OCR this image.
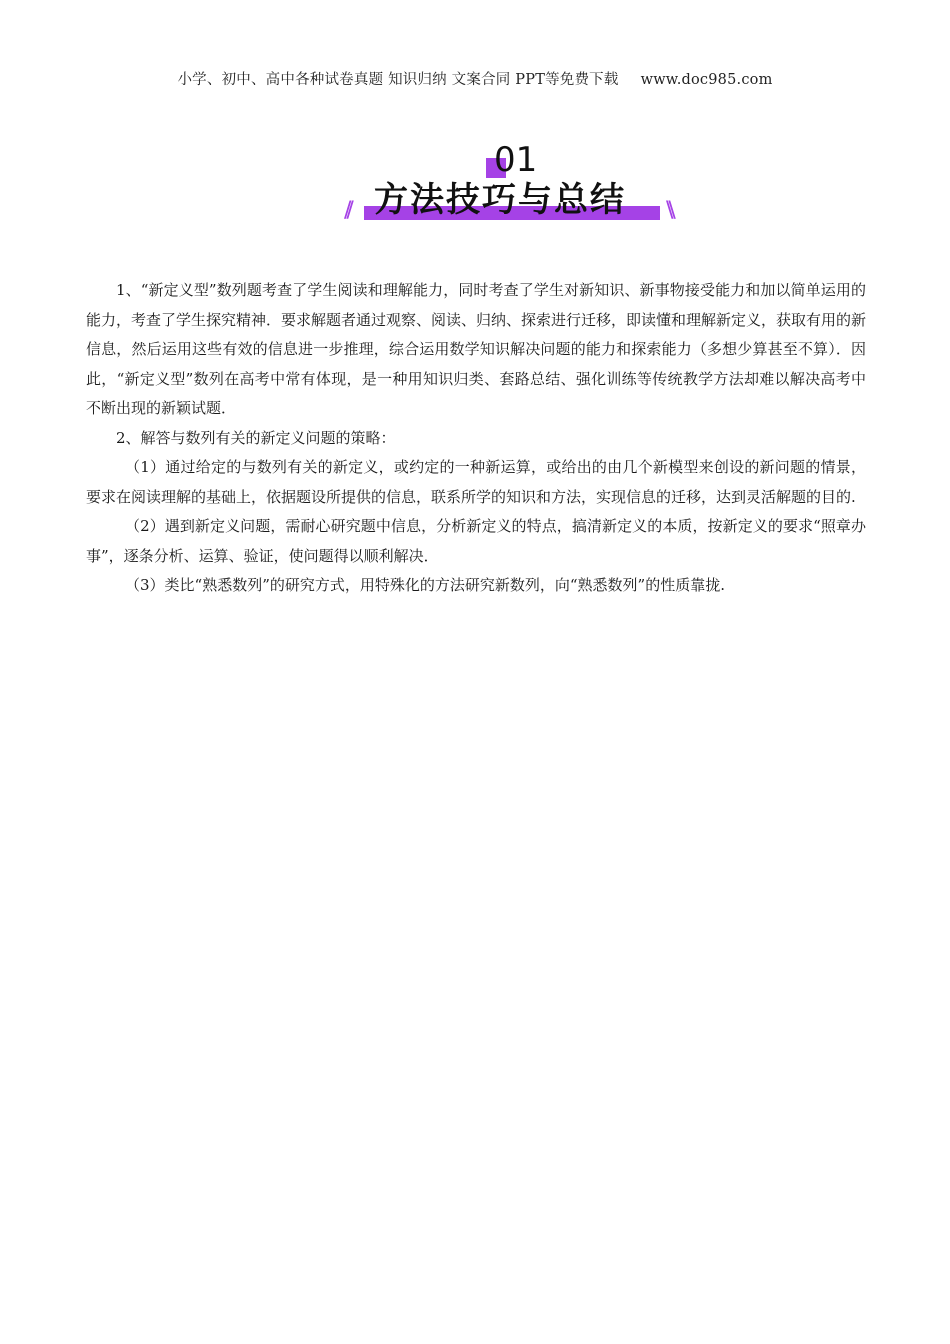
小学、初中、高中各种试卷真题 知识归纳 文案合同 PPT等免费下载 www.doc985.com
01
// 方法技巧与总结 \\

1、“新定义型”数列题考查了学生阅读和理解能力，同时考查了学生对新知识、新事物接受能力和加以简单运用的能力，考查了学生探究精神．要求解题者通过观察、阅读、归纳、探索进行迁移，即读懂和理解新定义，获取有用的新信息，然后运用这些有效的信息进一步推理，综合运用数学知识解决问题的能力和探索能力（多想少算甚至不算）．因此，“新定义型”数列在高考中常有体现，是一种用知识归类、套路总结、强化训练等传统教学方法却难以解决高考中不断出现的新颖试题．

2、解答与数列有关的新定义问题的策略：

（1）通过给定的与数列有关的新定义，或约定的一种新运算，或给出的由几个新模型来创设的新问题的情景，要求在阅读理解的基础上，依据题设所提供的信息，联系所学的知识和方法，实现信息的迁移，达到灵活解题的目的.

（2）遇到新定义问题，需耐心研究题中信息，分析新定义的特点，搞清新定义的本质，按新定义的要求“照章办事”，逐条分析、运算、验证，使问题得以顺利解决．

（3）类比“熟悉数列”的研究方式，用特殊化的方法研究新数列，向“熟悉数列”的性质靠拢.
